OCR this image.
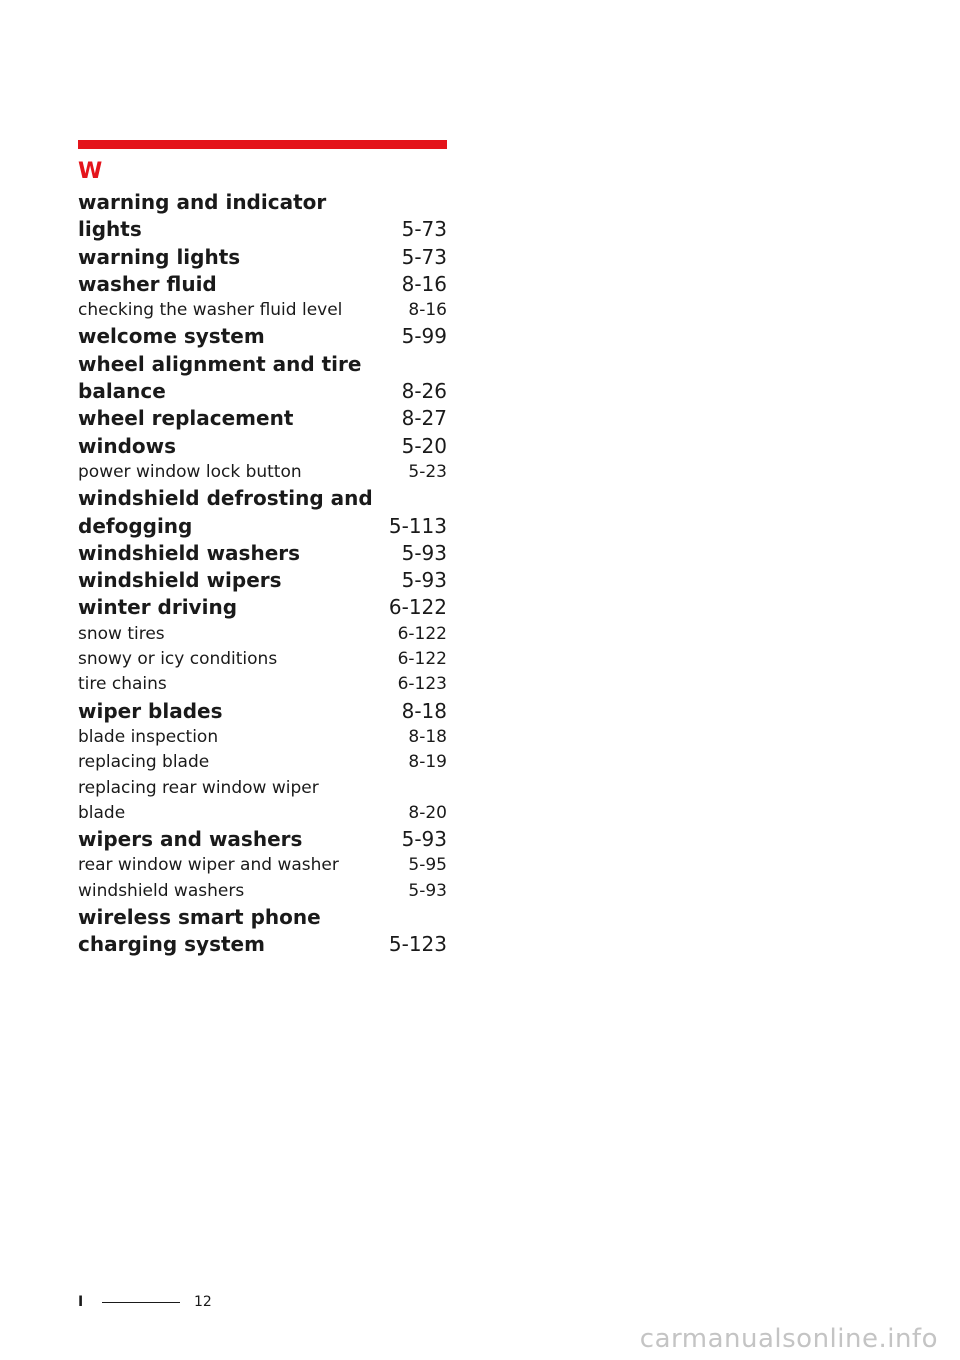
W
warning and indicator lights	5-73
warning lights	5-73
washer fluid	8-16
checking the washer fluid level	8-16
welcome system	5-99
wheel alignment and tire balance	8-26
wheel replacement	8-27
windows	5-20
power window lock button	5-23
windshield defrosting and defogging	5-113
windshield washers	5-93
windshield wipers	5-93
winter driving	6-122
snow tires	6-122
snowy or icy conditions	6-122
tire chains	6-123
wiper blades	8-18
blade inspection	8-18
replacing blade	8-19
replacing rear window wiper blade	8-20
wipers and washers	5-93
rear window wiper and washer	5-95
windshield washers	5-93
wireless smart phone charging system	5-123
I	12
carmanualsonline.info
